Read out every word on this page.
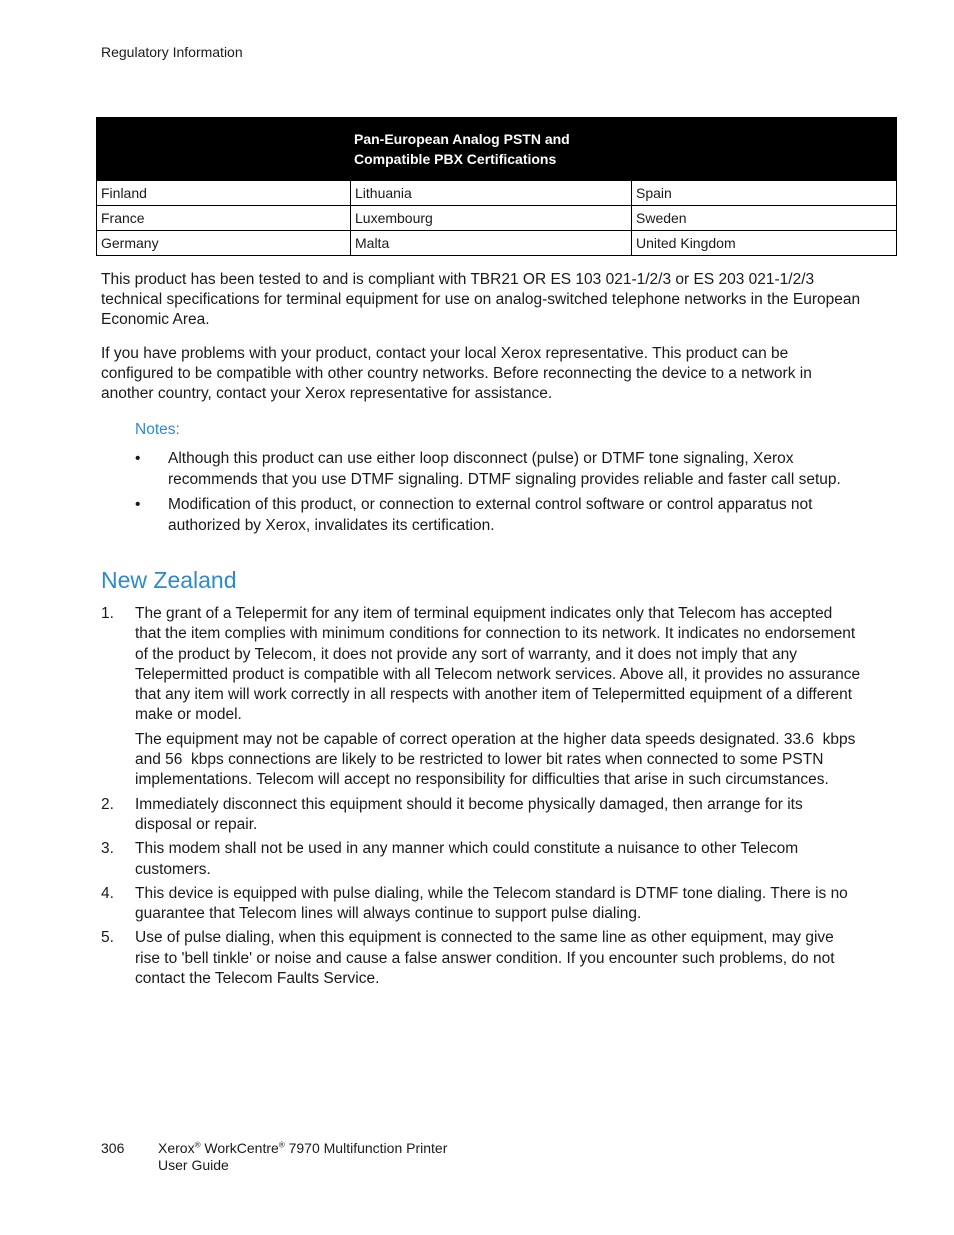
Regulatory Information
Pan-European Analog PSTN and
Compatible PBX Certifications		

Finland	Lithuania	Spain
France	Luxembourg	Sweden
Germany	Malta	United Kingdom
This product has been tested to and is compliant with TBR21 OR ES 103 021-1/2/3 or ES 203 021-1/2/3 technical specifications for terminal equipment for use on analog-switched telephone networks in the European Economic Area.
If you have problems with your product, contact your local Xerox representative. This product can be configured to be compatible with other country networks. Before reconnecting the device to a network in another country, contact your Xerox representative for assistance.
Notes:
• Although this product can use either loop disconnect (pulse) or DTMF tone signaling, Xerox recommends that you use DTMF signaling. DTMF signaling provides reliable and faster call setup.
• Modification of this product, or connection to external control software or control apparatus not authorized by Xerox, invalidates its certification.
New Zealand
1. The grant of a Telepermit for any item of terminal equipment indicates only that Telecom has accepted that the item complies with minimum conditions for connection to its network. It indicates no endorsement of the product by Telecom, it does not provide any sort of warranty, and it does not imply that any Telepermitted product is compatible with all Telecom network services. Above all, it provides no assurance that any item will work correctly in all respects with another item of Telepermitted equipment of a different make or model.

The equipment may not be capable of correct operation at the higher data speeds designated. 33.6  kbps and 56  kbps connections are likely to be restricted to lower bit rates when connected to some PSTN implementations. Telecom will accept no responsibility for difficulties that arise in such circumstances.

2. Immediately disconnect this equipment should it become physically damaged, then arrange for its disposal or repair.

3. This modem shall not be used in any manner which could constitute a nuisance to other Telecom customers.

4. This device is equipped with pulse dialing, while the Telecom standard is DTMF tone dialing. There is no guarantee that Telecom lines will always continue to support pulse dialing.

5. Use of pulse dialing, when this equipment is connected to the same line as other equipment, may give rise to 'bell tinkle' or noise and cause a false answer condition. If you encounter such problems, do not contact the Telecom Faults Service.

306 Xerox® WorkCentre® 7970 Multifunction Printer
User Guide
